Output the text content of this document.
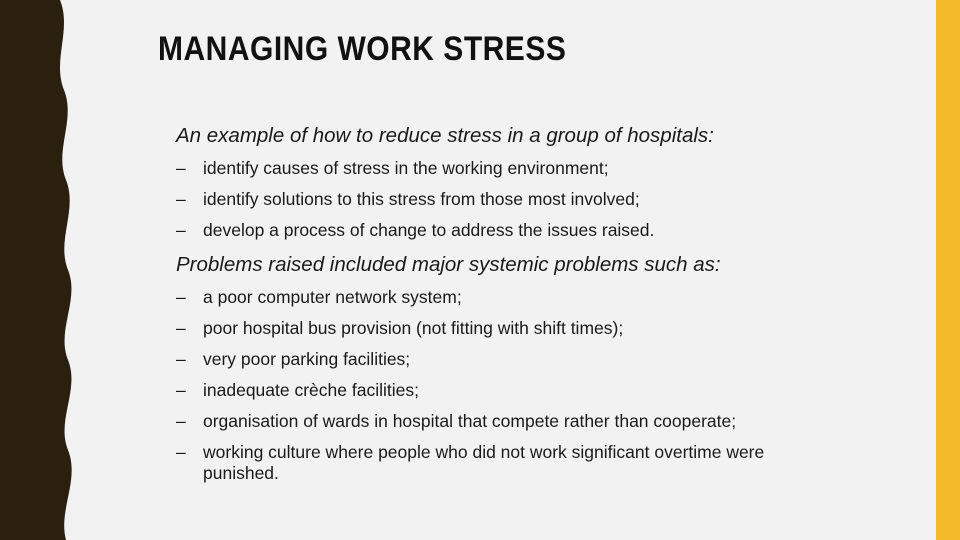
MANAGING WORK STRESS
An example of how to reduce stress in a group of hospitals:
– identify causes of stress in the working environment;
– identify solutions to this stress from those most involved;
– develop a process of change to address the issues raised.
Problems raised included major systemic problems such as:
– a poor computer network system;
– poor hospital bus provision (not fitting with shift times);
– very poor parking facilities;
– inadequate crèche facilities;
– organisation of wards in hospital that compete rather than cooperate;
– working culture where people who did not work significant overtime were punished.
